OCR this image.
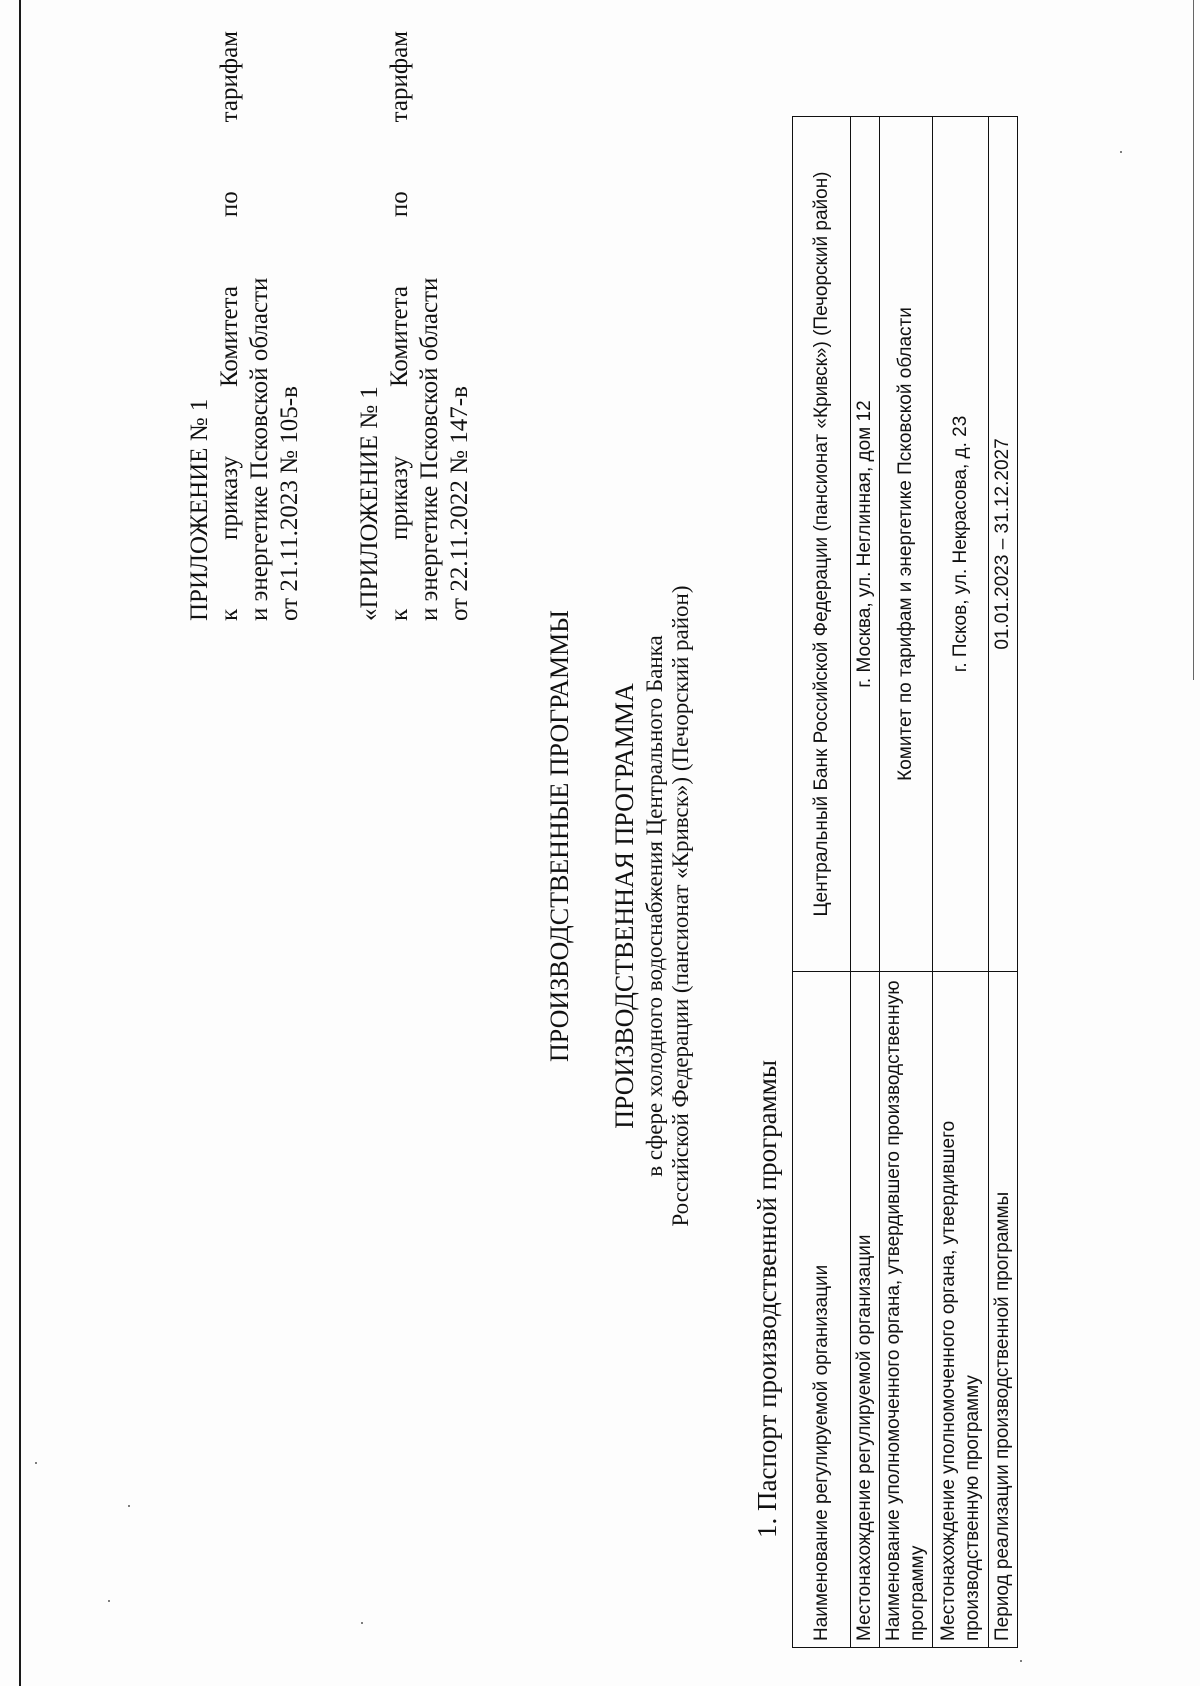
ПРИЛОЖЕНИЕ № 1 к
приказу
Комитета
по
тарифам
и энергетике Псковской области от 21.11.2023 № 105-в «ПРИЛОЖЕНИЕ № 1 к
приказу
Комитета
по
тарифам
и энергетике Псковской области от 22.11.2022 № 147-в
ПРОИЗВОДСТВЕННЫЕ ПРОГРАММЫ ПРОИЗВОДСТВЕННАЯ ПРОГРАММА в сфере холодного водоснабжения Центрального Банка Российской Федерации (пансионат «Кривск») (Печорский район)
1. Паспорт производственной программы Наименование регулируемой организации	Центральный Банк Российской Федерации (пансионат «Кривск») (Печорский район)
Местонахождение регулируемой организации	г. Москва, ул. Неглинная, дом 12
Наименование уполномоченного органа, утвердившего производственную программу	Комитет по тарифам и энергетике Псковской области
Местонахождение уполномоченного органа, утвердившего производственную программу	г. Псков, ул. Некрасова, д. 23
Период реализации производственной программы	01.01.2023 – 31.12.2027
